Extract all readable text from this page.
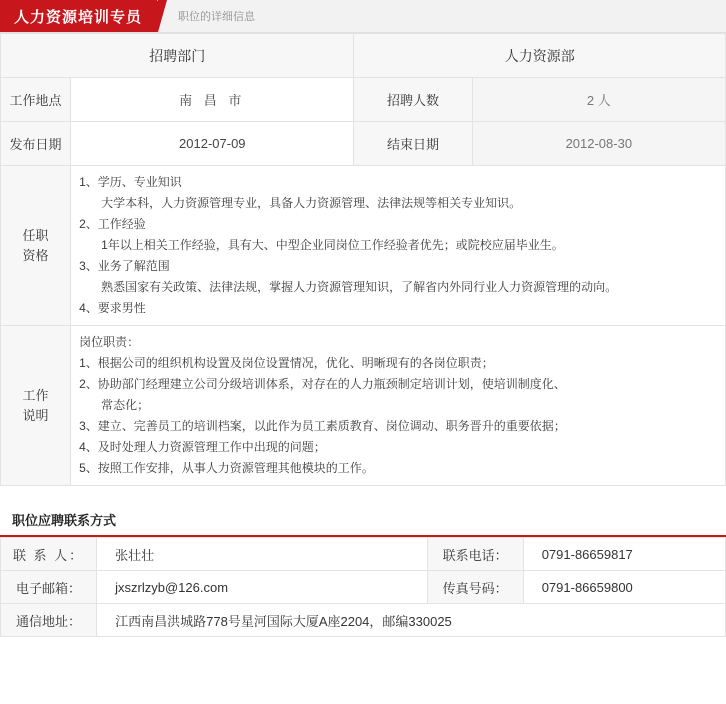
人力资源培训专员	职位的详细信息
招聘部门		人力资源部	
工作地点	南 昌 市	招聘人数	2 人
发布日期	2012-07-09	结束日期	2012-08-30

任职
资格

1、学历、专业知识
大学本科，人力资源管理专业，具备人力资源管理、法律法规等相关专业知识。
2、工作经验
1年以上相关工作经验，具有大、中型企业同岗位工作经验者优先；或院校应届毕业生。
3、业务了解范围
熟悉国家有关政策、法律法规，掌握人力资源管理知识，了解省内外同行业人力资源管理的动向。
4、要求男性

工作
说明

岗位职责：
1、根据公司的组织机构设置及岗位设置情况，优化、明晰现有的各岗位职责；
2、协助部门经理建立公司分级培训体系，对存在的人力瓶颈制定培训计划，使培训制度化、
常态化；
3、建立、完善员工的培训档案，以此作为员工素质教育、岗位调动、职务晋升的重要依据；
4、及时处理人力资源管理工作中出现的问题；
5、按照工作安排，从事人力资源管理其他模块的工作。
职位应聘联系方式
联 系 人：	张壮壮	联系电话：	0791-86659817
电子邮箱：	jxszrlzyb@126.com	传真号码：	0791-86659800
通信地址：	江西南昌洪城路778号星河国际大厦A座2204，邮编330025		
